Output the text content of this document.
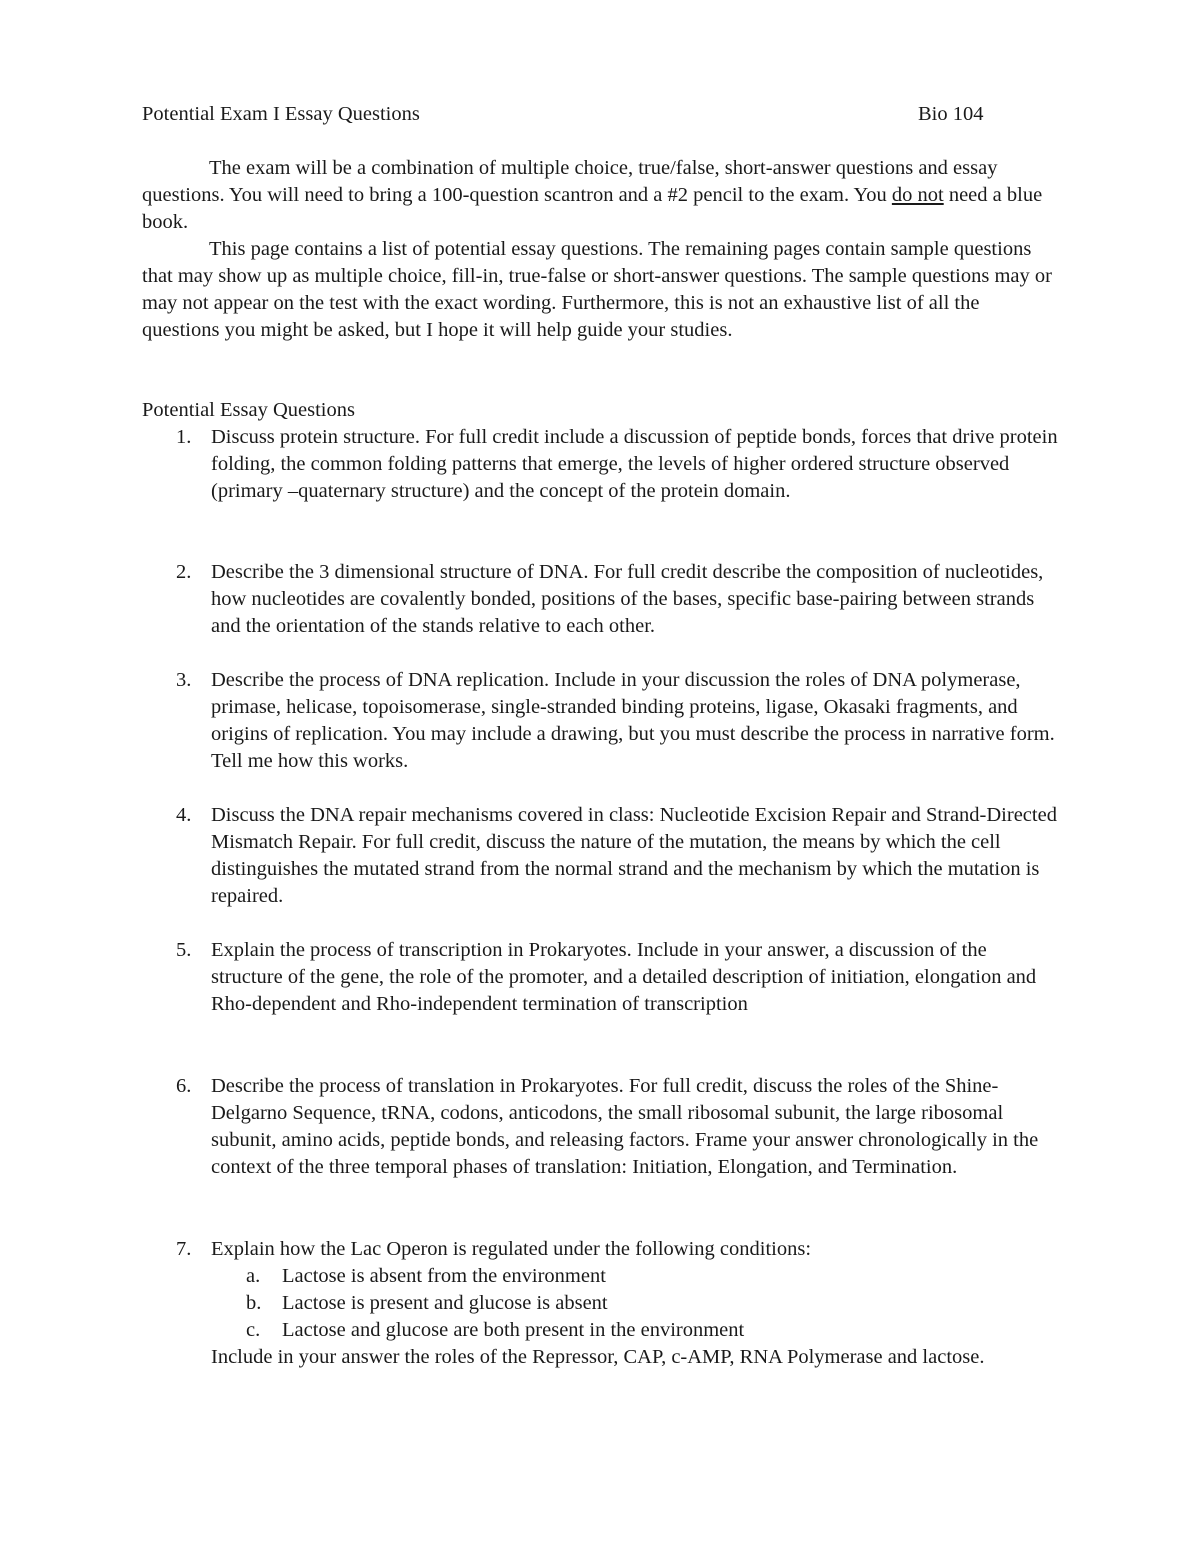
Potential Exam I Essay Questions	Bio 104

The exam will be a combination of multiple choice, true/false, short-answer questions and essay questions. You will need to bring a 100-question scantron and a #2 pencil to the exam. You do not need a blue book.

This page contains a list of potential essay questions. The remaining pages contain sample questions that may show up as multiple choice, fill-in, true-false or short-answer questions. The sample questions may or may not appear on the test with the exact wording. Furthermore, this is not an exhaustive list of all the questions you might be asked, but I hope it will help guide your studies.

Potential Essay Questions
1. Discuss protein structure. For full credit include a discussion of peptide bonds, forces that drive protein folding, the common folding patterns that emerge, the levels of higher ordered structure observed (primary –quaternary structure) and the concept of the protein domain.
2. Describe the 3 dimensional structure of DNA. For full credit describe the composition of nucleotides, how nucleotides are covalently bonded, positions of the bases, specific base-pairing between strands and the orientation of the stands relative to each other.
3. Describe the process of DNA replication. Include in your discussion the roles of DNA polymerase, primase, helicase, topoisomerase, single-stranded binding proteins, ligase, Okasaki fragments, and origins of replication. You may include a drawing, but you must describe the process in narrative form. Tell me how this works.
4. Discuss the DNA repair mechanisms covered in class: Nucleotide Excision Repair and Strand-Directed Mismatch Repair. For full credit, discuss the nature of the mutation, the means by which the cell distinguishes the mutated strand from the normal strand and the mechanism by which the mutation is repaired.
5. Explain the process of transcription in Prokaryotes. Include in your answer, a discussion of the structure of the gene, the role of the promoter, and a detailed description of initiation, elongation and Rho-dependent and Rho-independent termination of transcription
6. Describe the process of translation in Prokaryotes. For full credit, discuss the roles of the Shine-Delgarno Sequence, tRNA, codons, anticodons, the small ribosomal subunit, the large ribosomal subunit, amino acids, peptide bonds, and releasing factors. Frame your answer chronologically in the context of the three temporal phases of translation: Initiation, Elongation, and Termination.
7. Explain how the Lac Operon is regulated under the following conditions:
a. Lactose is absent from the environment
b. Lactose is present and glucose is absent
c. Lactose and glucose are both present in the environment
Include in your answer the roles of the Repressor, CAP, c-AMP, RNA Polymerase and lactose.
